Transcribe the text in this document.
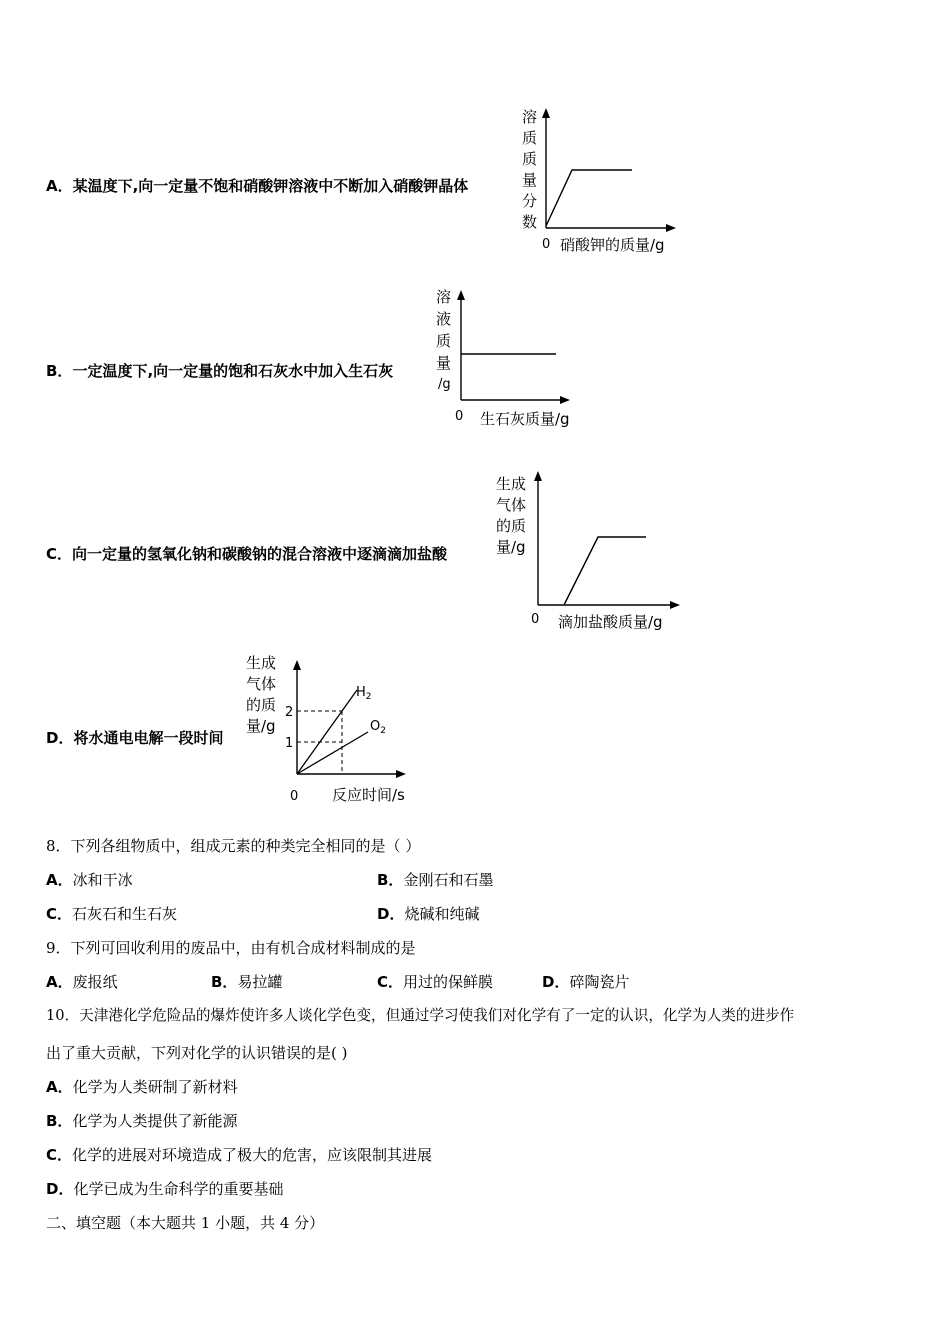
A．某温度下,向一定量不饱和硝酸钾溶液中不断加入硝酸钾晶体
溶
质
质
量
分
数
0 硝酸钾的质量/g
B．一定温度下,向一定量的饱和石灰水中加入生石灰
溶
液
质
量
/g
0 生石灰质量/g
C．向一定量的氢氧化钠和碳酸钠的混合溶液中逐滴滴加盐酸
生成
气体
的质
量/g
0 滴加盐酸质量/g
D．将水通电电解一段时间
生成
气体
的质
量/g
2
1
$H_2$
$O_2$
0 反应时间/s
8．下列各组物质中，组成元素的种类完全相同的是（ ）
A．冰和干冰	B．金刚石和石墨
C．石灰石和生石灰	D．烧碱和纯碱
9．下列可回收利用的废品中，由有机合成材料制成的是
A．废报纸	B．易拉罐	C．用过的保鲜膜	D．碎陶瓷片
10．天津港化学危险品的爆炸使许多人谈化学色变，但通过学习使我们对化学有了一定的认识，化学为人类的进步作
出了重大贡献，下列对化学的认识错误的是( )
A．化学为人类研制了新材料
B．化学为人类提供了新能源
C．化学的进展对环境造成了极大的危害，应该限制其进展
D．化学已成为生命科学的重要基础
二、填空题（本大题共 1 小题，共 4 分）
